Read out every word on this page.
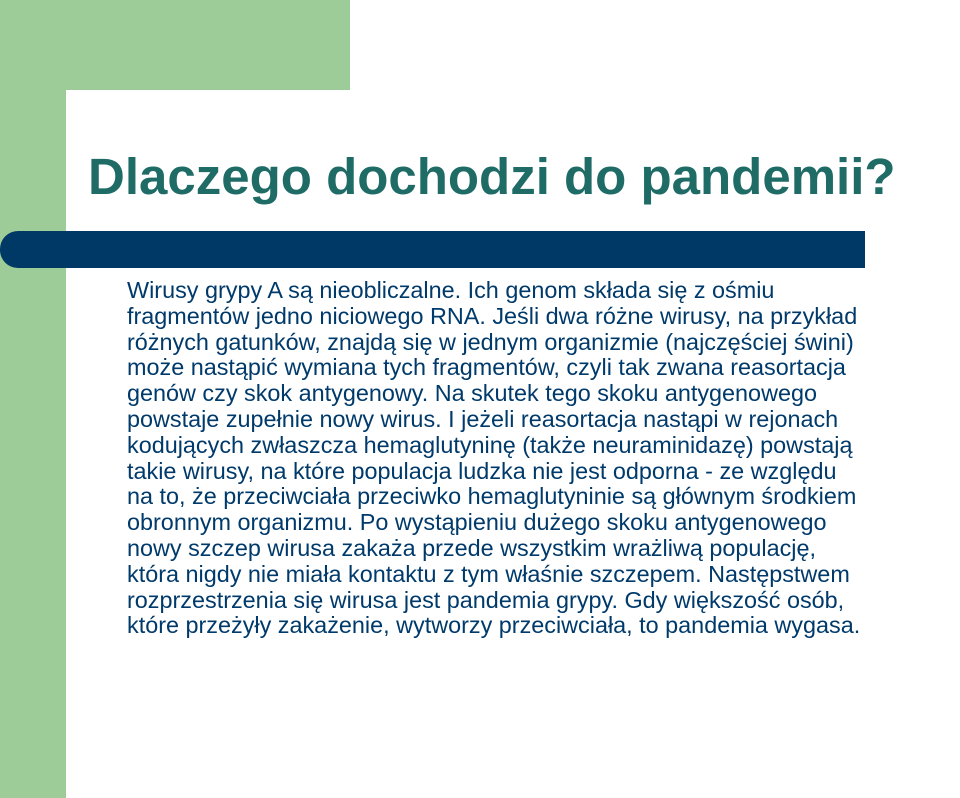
Dlaczego dochodzi do pandemii?

Wirusy grypy A są nieobliczalne. Ich genom składa się z ośmiu
fragmentów jedno niciowego RNA. Jeśli dwa różne wirusy, na przykład
różnych gatunków, znajdą się w jednym organizmie (najczęściej świni)
może nastąpić wymiana tych fragmentów, czyli tak zwana reasortacja
genów czy skok antygenowy. Na skutek tego skoku antygenowego
powstaje zupełnie nowy wirus. I jeżeli reasortacja nastąpi w rejonach
kodujących zwłaszcza hemaglutyninę (także neuraminidazę) powstają
takie wirusy, na które populacja ludzka nie jest odporna - ze względu
na to, że przeciwciała przeciwko hemaglutyninie są głównym środkiem
obronnym organizmu. Po wystąpieniu dużego skoku antygenowego
nowy szczep wirusa zakaża przede wszystkim wrażliwą populację,
która nigdy nie miała kontaktu z tym właśnie szczepem. Następstwem
rozprzestrzenia się wirusa jest pandemia grypy. Gdy większość osób,
które przeżyły zakażenie, wytworzy przeciwciała, to pandemia wygasa.
